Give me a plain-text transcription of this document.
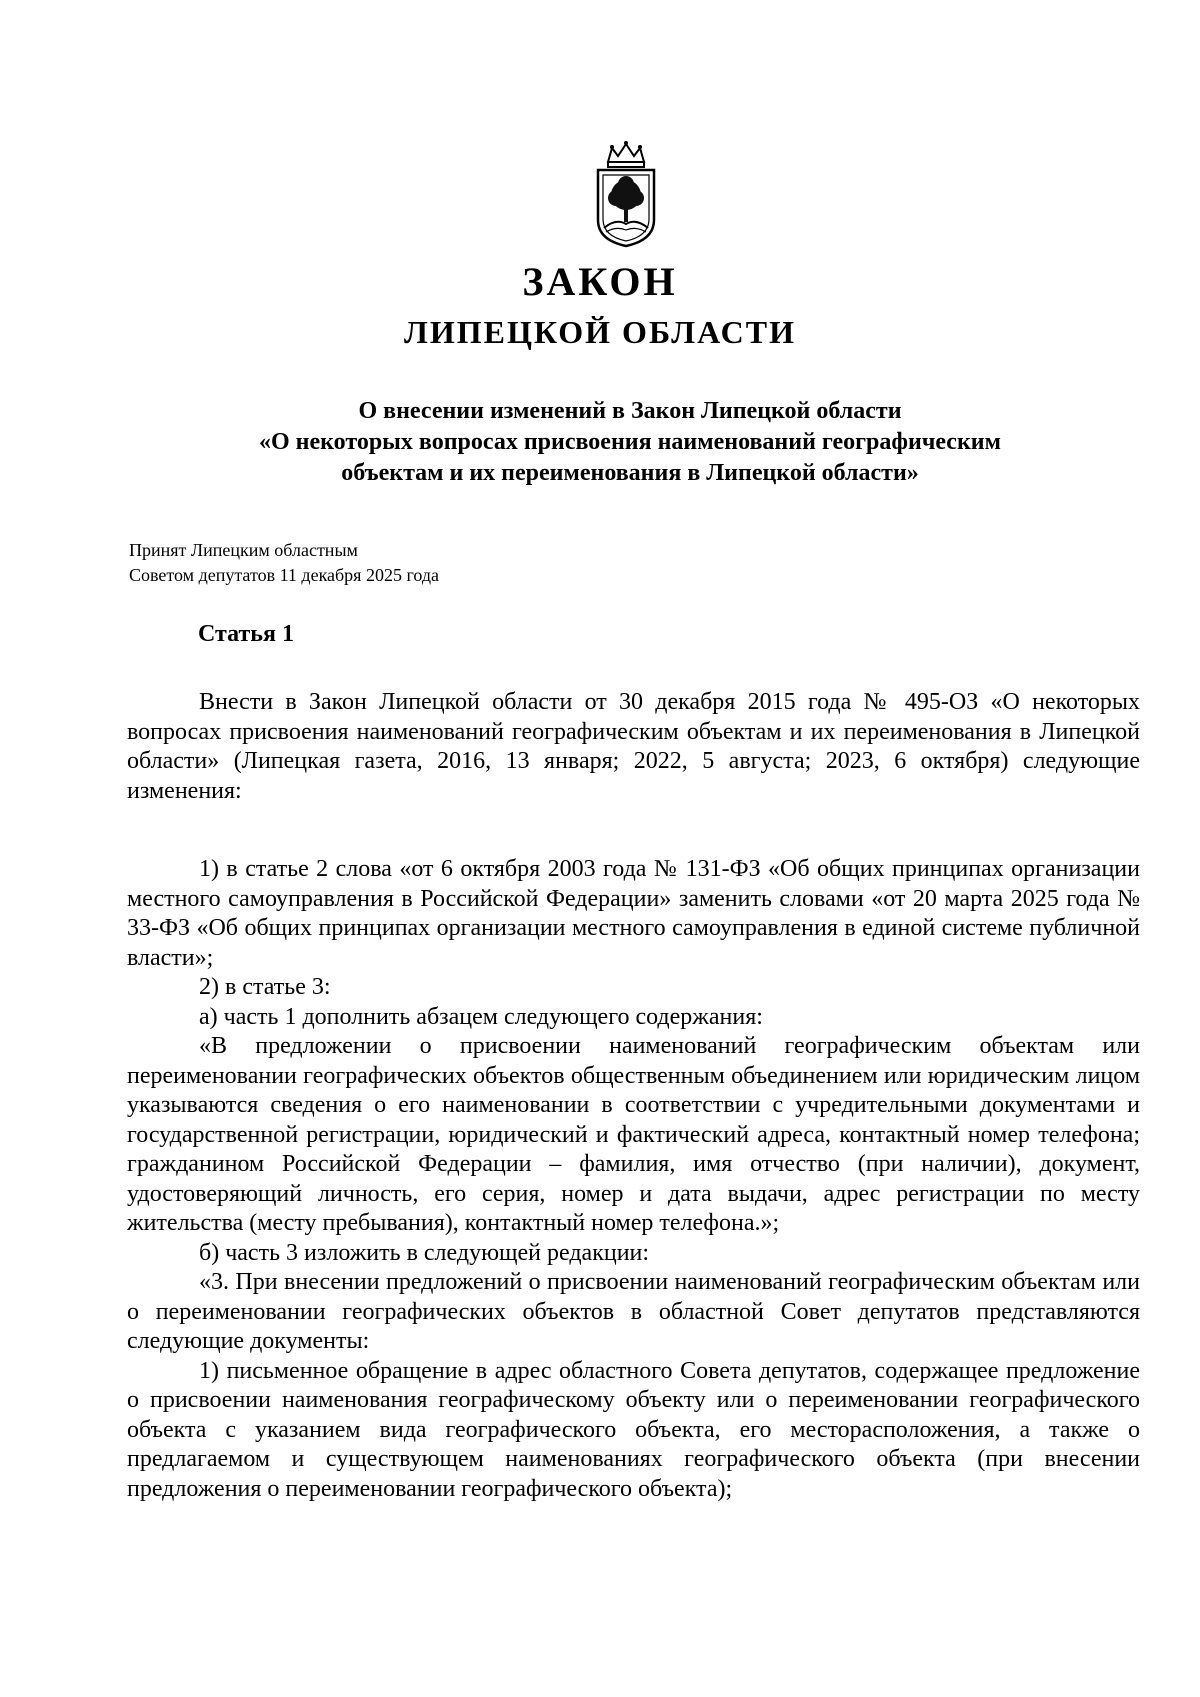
ЗАКОН
ЛИПЕЦКОЙ ОБЛАСТИ
О внесении изменений в Закон Липецкой области
«О некоторых вопросах присвоения наименований географическим
объектам и их переименования в Липецкой области»
Принят Липецким областным
Советом депутатов 11 декабря 2025 года
Статья 1

Внести в Закон Липецкой области от 30 декабря 2015 года № 495-ОЗ «О некоторых вопросах присвоения наименований географическим объектам и их переименования в Липецкой области» (Липецкая газета, 2016, 13 января; 2022, 5 августа; 2023, 6 октября) следующие изменения:

1) в статье 2 слова «от 6 октября 2003 года № 131-ФЗ «Об общих принципах организации местного самоуправления в Российской Федерации» заменить словами «от 20 марта 2025 года № 33-ФЗ «Об общих принципах организации местного самоуправления в единой системе публичной власти»;

2) в статье 3:

а) часть 1 дополнить абзацем следующего содержания:

«В предложении о присвоении наименований географическим объектам или переименовании географических объектов общественным объединением или юридическим лицом указываются сведения о его наименовании в соответствии с учредительными документами и государственной регистрации, юридический и фактический адреса, контактный номер телефона; гражданином Российской Федерации – фамилия, имя отчество (при наличии), документ, удостоверяющий личность, его серия, номер и дата выдачи, адрес регистрации по месту жительства (месту пребывания), контактный номер телефона.»;

б) часть 3 изложить в следующей редакции:

«3. При внесении предложений о присвоении наименований географическим объектам или о переименовании географических объектов в областной Совет депутатов представляются следующие документы:

1) письменное обращение в адрес областного Совета депутатов, содержащее предложение о присвоении наименования географическому объекту или о переименовании географического объекта с указанием вида географического объекта, его месторасположения, а также о предлагаемом и существующем наименованиях географического объекта (при внесении предложения о переименовании географического объекта);
